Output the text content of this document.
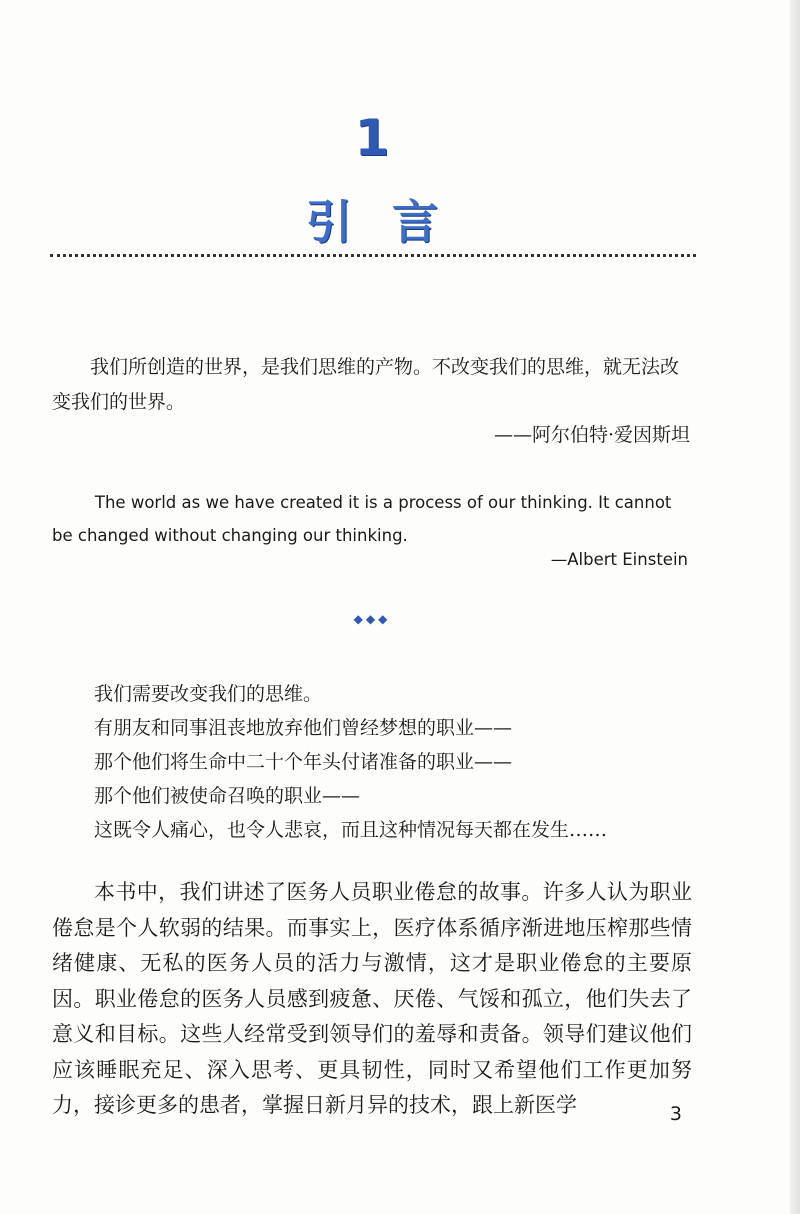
1
引言
我们所创造的世界，是我们思维的产物。不改变我们的思维，就无法改变我们的世界。
——阿尔伯特·爱因斯坦
The world as we have created it is a process of our thinking. It cannot be changed without changing our thinking.
—Albert Einstein
◆◆◆
我们需要改变我们的思维。
有朋友和同事沮丧地放弃他们曾经梦想的职业——
那个他们将生命中二十个年头付诸准备的职业——
那个他们被使命召唤的职业——
这既令人痛心，也令人悲哀，而且这种情况每天都在发生……
本书中，我们讲述了医务人员职业倦怠的故事。许多人认为职业倦怠是个人软弱的结果。而事实上，医疗体系循序渐进地压榨那些情绪健康、无私的医务人员的活力与激情，这才是职业倦怠的主要原因。职业倦怠的医务人员感到疲惫、厌倦、气馁和孤立，他们失去了意义和目标。这些人经常受到领导们的羞辱和责备。领导们建议他们应该睡眠充足、深入思考、更具韧性，同时又希望他们工作更加努力，接诊更多的患者，掌握日新月异的技术，跟上新医学	3
